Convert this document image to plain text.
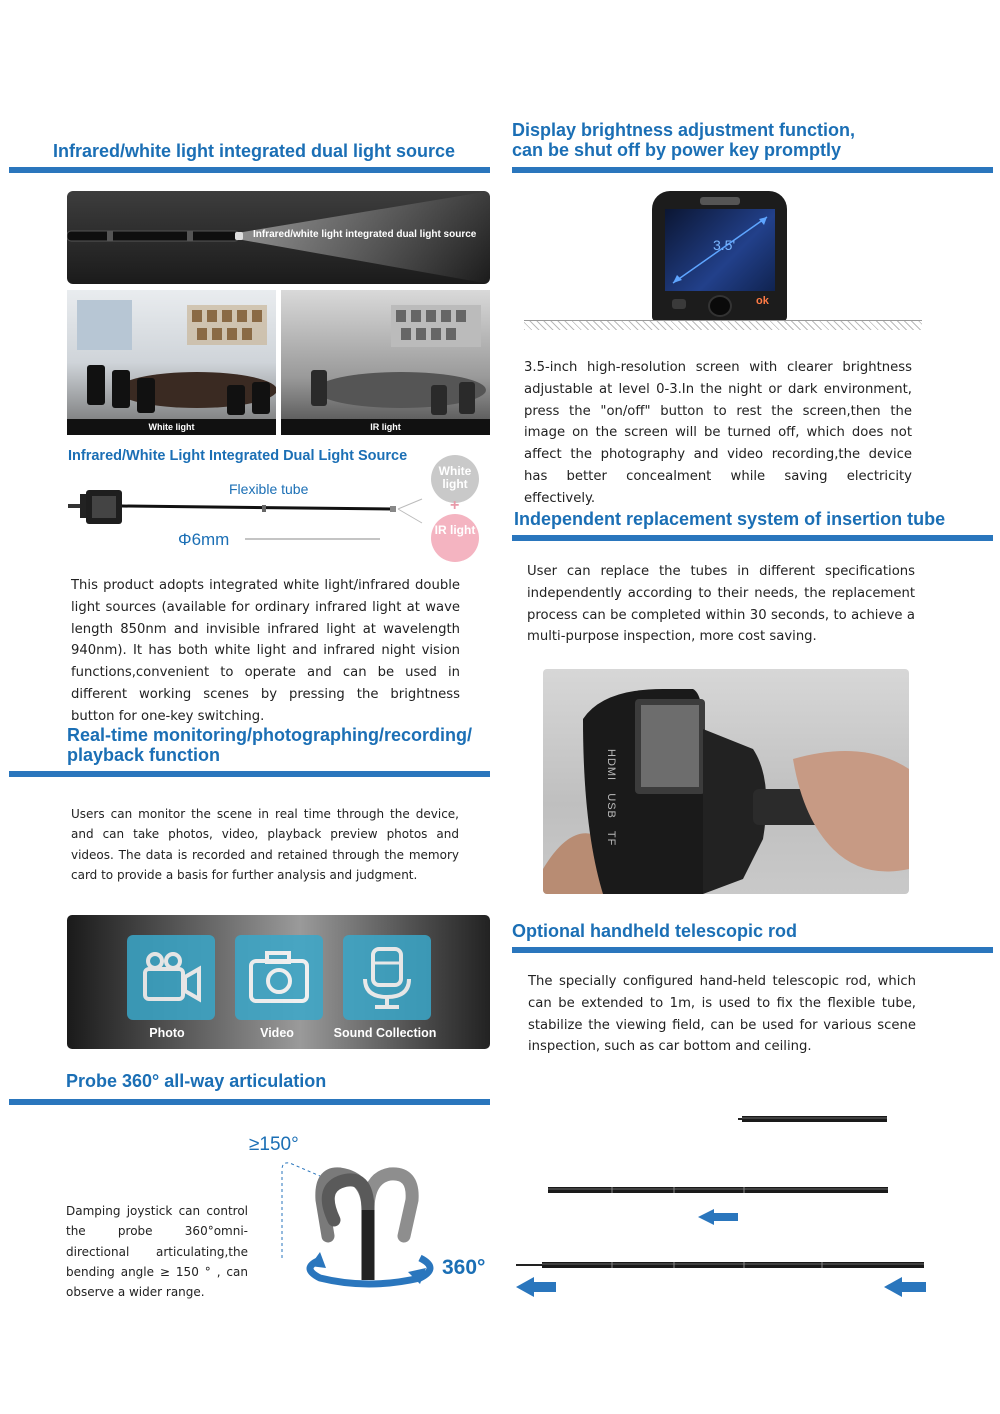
Infrared/white light integrated dual light source
Infrared/white light integrated dual light source
White light	IR light
Infrared/White Light Integrated Dual Light Source
Flexible tube
Φ6mm
White light
+
IR light
This product adopts integrated white light/infrared double light sources (available for ordinary infrared light at wave length 850nm and invisible infrared light at wavelength 940nm). It has both white light and infrared night vision functions,convenient to operate and can be used in different working scenes by pressing the brightness button for one-key switching.
Real-time monitoring/photographing/recording/
playback function
Users can monitor the scene in real time through the device, and can take photos, video, playback preview photos and videos. The data is recorded and retained through the memory card to provide a basis for further analysis and judgment.
Photo	Video	Sound Collection
Probe 360° all-way articulation
≥150°
360°
Damping joystick can control the probe 360°omni-directional articulating,the bending angle ≥ 150 ° , can observe a wider range.
Display brightness adjustment function,
can be shut off by power key promptly
3.5'
ok
3.5-inch high-resolution screen with clearer brightness adjustable at level 0-3.In the night or dark environment, press the "on/off" button to rest the screen,then the image on the screen will be turned off, which does not affect the photography and video recording,the device has better concealment while saving electricity effectively.
Independent replacement system of insertion tube
User can replace the tubes in different specifications independently according to their needs, the replacement process can be completed within 30 seconds, to achieve a multi-purpose inspection, more cost saving.
HDMI   USB   TF
Optional handheld telescopic rod
The specially configured hand-held telescopic rod, which can be extended to 1m, is used to fix the flexible tube, stabilize the viewing field, can be used for various scene inspection, such as car bottom and ceiling.
